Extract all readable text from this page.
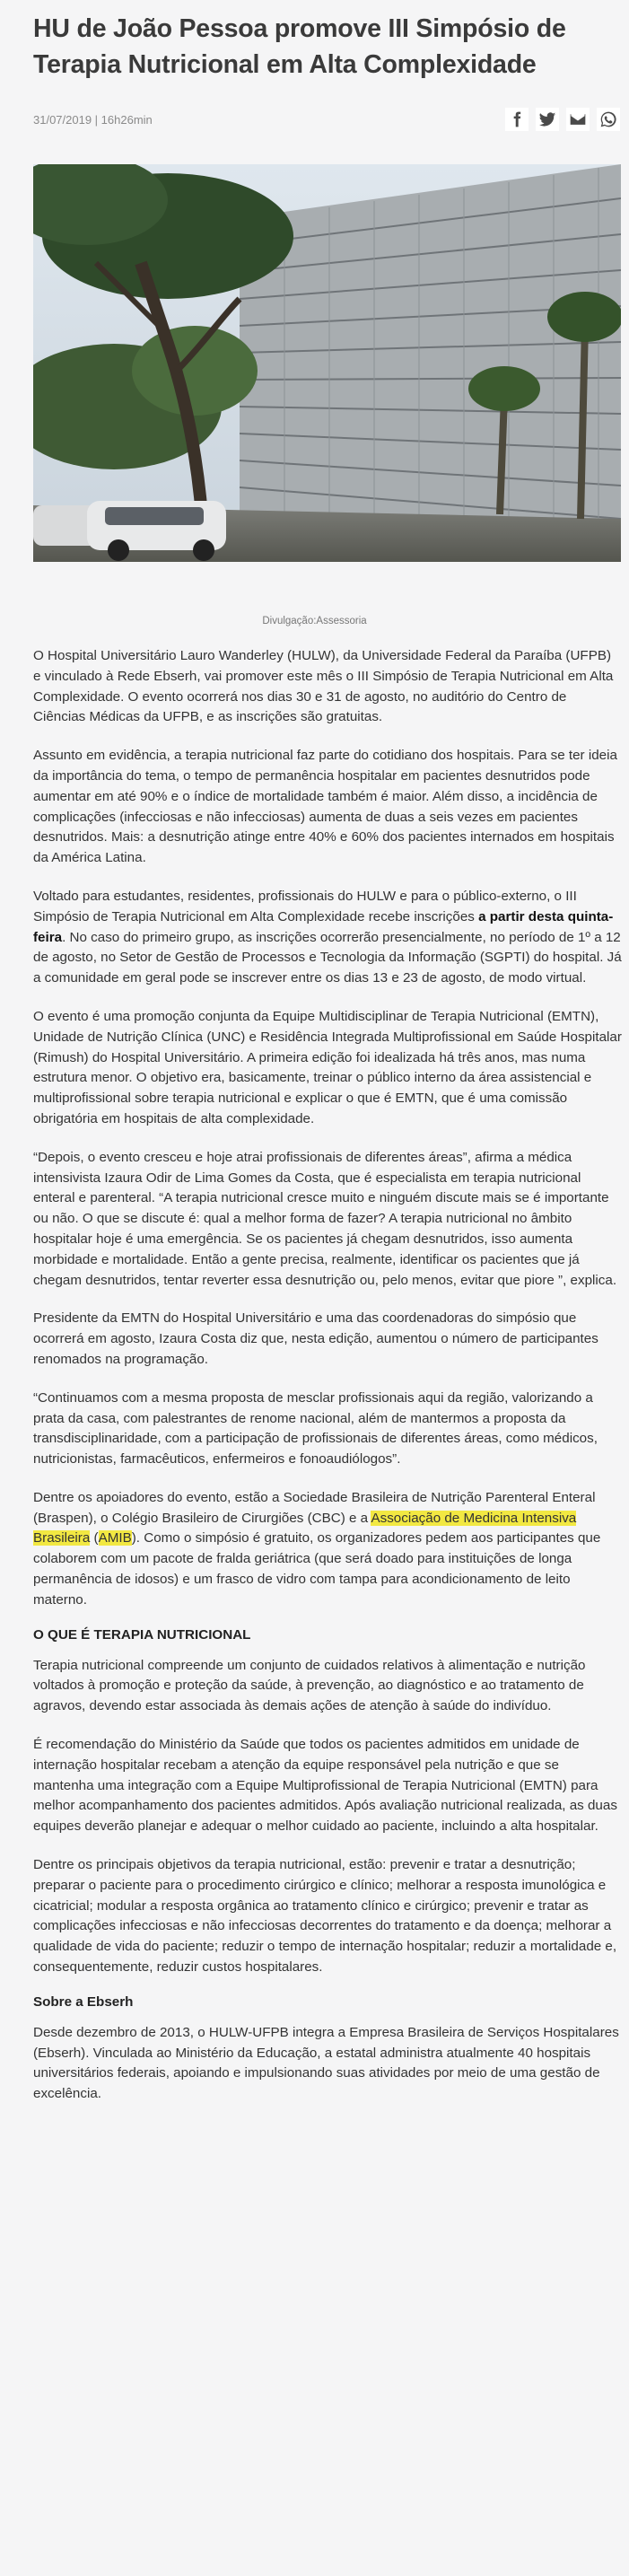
HU de João Pessoa promove III Simpósio de Terapia Nutricional em Alta Complexidade
31/07/2019 | 16h26min
Divulgação:Assessoria

O Hospital Universitário Lauro Wanderley (HULW), da Universidade Federal da Paraíba (UFPB) e vinculado à Rede Ebserh, vai promover este mês o III Simpósio de Terapia Nutricional em Alta Complexidade. O evento ocorrerá nos dias 30 e 31 de agosto, no auditório do Centro de Ciências Médicas da UFPB, e as inscrições são gratuitas.

Assunto em evidência, a terapia nutricional faz parte do cotidiano dos hospitais. Para se ter ideia da importância do tema, o tempo de permanência hospitalar em pacientes desnutridos pode aumentar em até 90% e o índice de mortalidade também é maior. Além disso, a incidência de complicações (infecciosas e não infecciosas) aumenta de duas a seis vezes em pacientes desnutridos. Mais: a desnutrição atinge entre 40% e 60% dos pacientes internados em hospitais da América Latina.

Voltado para estudantes, residentes, profissionais do HULW e para o público-externo, o III Simpósio de Terapia Nutricional em Alta Complexidade recebe inscrições a partir desta quinta-feira. No caso do primeiro grupo, as inscrições ocorrerão presencialmente, no período de 1º a 12 de agosto, no Setor de Gestão de Processos e Tecnologia da Informação (SGPTI) do hospital. Já a comunidade em geral pode se inscrever entre os dias 13 e 23 de agosto, de modo virtual.

O evento é uma promoção conjunta da Equipe Multidisciplinar de Terapia Nutricional (EMTN), Unidade de Nutrição Clínica (UNC) e Residência Integrada Multiprofissional em Saúde Hospitalar (Rimush) do Hospital Universitário. A primeira edição foi idealizada há três anos, mas numa estrutura menor. O objetivo era, basicamente, treinar o público interno da área assistencial e multiprofissional sobre terapia nutricional e explicar o que é EMTN, que é uma comissão obrigatória em hospitais de alta complexidade.

“Depois, o evento cresceu e hoje atrai profissionais de diferentes áreas”, afirma a médica intensivista Izaura Odir de Lima Gomes da Costa, que é especialista em terapia nutricional enteral e parenteral. “A terapia nutricional cresce muito e ninguém discute mais se é importante ou não. O que se discute é: qual a melhor forma de fazer? A terapia nutricional no âmbito hospitalar hoje é uma emergência. Se os pacientes já chegam desnutridos, isso aumenta morbidade e mortalidade. Então a gente precisa, realmente, identificar os pacientes que já chegam desnutridos, tentar reverter essa desnutrição ou, pelo menos, evitar que piore ”, explica.

Presidente da EMTN do Hospital Universitário e uma das coordenadoras do simpósio que ocorrerá em agosto, Izaura Costa diz que, nesta edição, aumentou o número de participantes renomados na programação.

“Continuamos com a mesma proposta de mesclar profissionais aqui da região, valorizando a prata da casa, com palestrantes de renome nacional, além de mantermos a proposta da transdisciplinaridade, com a participação de profissionais de diferentes áreas, como médicos, nutricionistas, farmacêuticos, enfermeiros e fonoaudiólogos”.

Dentre os apoiadores do evento, estão a Sociedade Brasileira de Nutrição Parenteral Enteral (Braspen), o Colégio Brasileiro de Cirurgiões (CBC) e a Associação de Medicina Intensiva Brasileira (AMIB). Como o simpósio é gratuito, os organizadores pedem aos participantes que colaborem com um pacote de fralda geriátrica (que será doado para instituições de longa permanência de idosos) e um frasco de vidro com tampa para acondicionamento de leito materno.

O QUE É TERAPIA NUTRICIONAL

Terapia nutricional compreende um conjunto de cuidados relativos à alimentação e nutrição voltados à promoção e proteção da saúde, à prevenção, ao diagnóstico e ao tratamento de agravos, devendo estar associada às demais ações de atenção à saúde do indivíduo.

É recomendação do Ministério da Saúde que todos os pacientes admitidos em unidade de internação hospitalar recebam a atenção da equipe responsável pela nutrição e que se mantenha uma integração com a Equipe Multiprofissional de Terapia Nutricional (EMTN) para melhor acompanhamento dos pacientes admitidos. Após avaliação nutricional realizada, as duas equipes deverão planejar e adequar o melhor cuidado ao paciente, incluindo a alta hospitalar.

Dentre os principais objetivos da terapia nutricional, estão: prevenir e tratar a desnutrição; preparar o paciente para o procedimento cirúrgico e clínico; melhorar a resposta imunológica e cicatricial; modular a resposta orgânica ao tratamento clínico e cirúrgico; prevenir e tratar as complicações infecciosas e não infecciosas decorrentes do tratamento e da doença; melhorar a qualidade de vida do paciente; reduzir o tempo de internação hospitalar; reduzir a mortalidade e, consequentemente, reduzir custos hospitalares.

Sobre a Ebserh

Desde dezembro de 2013, o HULW-UFPB integra a Empresa Brasileira de Serviços Hospitalares (Ebserh). Vinculada ao Ministério da Educação, a estatal administra atualmente 40 hospitais universitários federais, apoiando e impulsionando suas atividades por meio de uma gestão de excelência.
